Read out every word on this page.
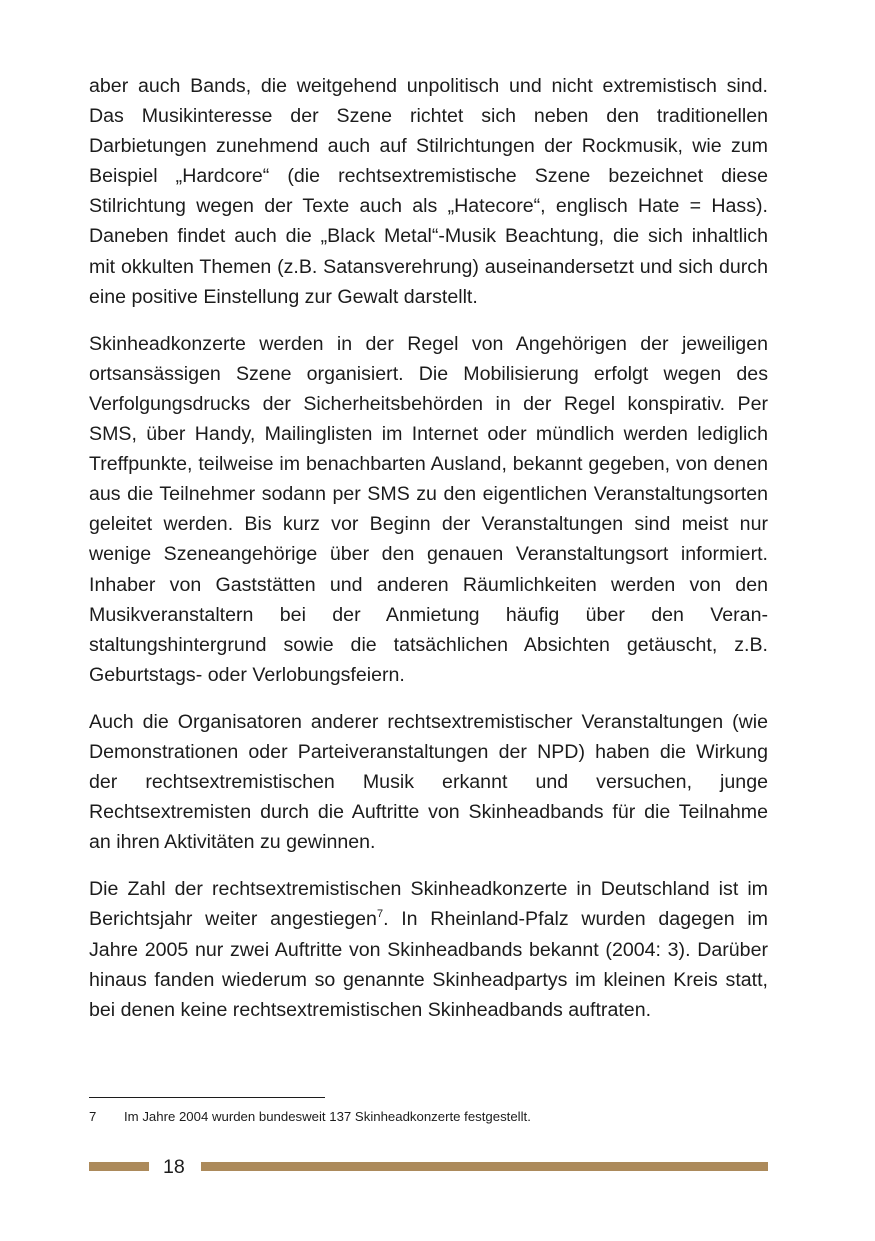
aber auch Bands, die weitgehend unpolitisch und nicht extremistisch sind. Das Musikinteresse der Szene richtet sich neben den traditionellen Darbietungen zunehmend auch auf Stilrichtungen der Rockmusik, wie zum Beispiel „Hardcore“ (die rechtsextremistische Szene bezeichnet diese Stilrichtung wegen der Texte auch als „Hatecore“, englisch Hate = Hass). Daneben findet auch die „Black Metal“-Musik Beachtung, die sich inhaltlich mit okkulten Themen (z.B. Satansverehrung) auseinandersetzt und sich durch eine positive Einstellung zur Gewalt darstellt.

Skinheadkonzerte werden in der Regel von Angehörigen der jeweiligen ortsansässigen Szene organisiert. Die Mobilisierung erfolgt wegen des Verfolgungsdrucks der Sicherheitsbehörden in der Regel konspirativ. Per SMS, über Handy, Mailinglisten im Internet oder mündlich werden lediglich Treffpunkte, teilweise im benachbarten Ausland, bekannt gegeben, von denen aus die Teilnehmer sodann per SMS zu den eigentlichen Veranstaltungsorten geleitet werden. Bis kurz vor Beginn der Veranstaltungen sind meist nur wenige Szeneangehörige über den genauen Veranstaltungsort informiert. Inhaber von Gaststätten und anderen Räumlichkeiten werden von den Musikveranstaltern bei der Anmietung häufig über den Veranstaltungshintergrund sowie die tatsächlichen Absichten getäuscht, z.B. Geburtstags- oder Verlobungsfeiern.

Auch die Organisatoren anderer rechtsextremistischer Veranstaltungen (wie Demonstrationen oder Parteiveranstaltungen der NPD) haben die Wirkung der rechtsextremistischen Musik erkannt und versuchen, junge Rechtsextremisten durch die Auftritte von Skinheadbands für die Teilnahme an ihren Aktivitäten zu gewinnen.

Die Zahl der rechtsextremistischen Skinheadkonzerte in Deutschland ist im Berichtsjahr weiter angestiegen$^7$. In Rheinland-Pfalz wurden dagegen im Jahre 2005 nur zwei Auftritte von Skinheadbands bekannt (2004: 3). Darüber hinaus fanden wiederum so genannte Skinheadpartys im kleinen Kreis statt, bei denen keine rechtsextremistischen Skinheadbands auftraten.

7	Im Jahre 2004 wurden bundesweit 137 Skinheadkonzerte festgestellt.
18
